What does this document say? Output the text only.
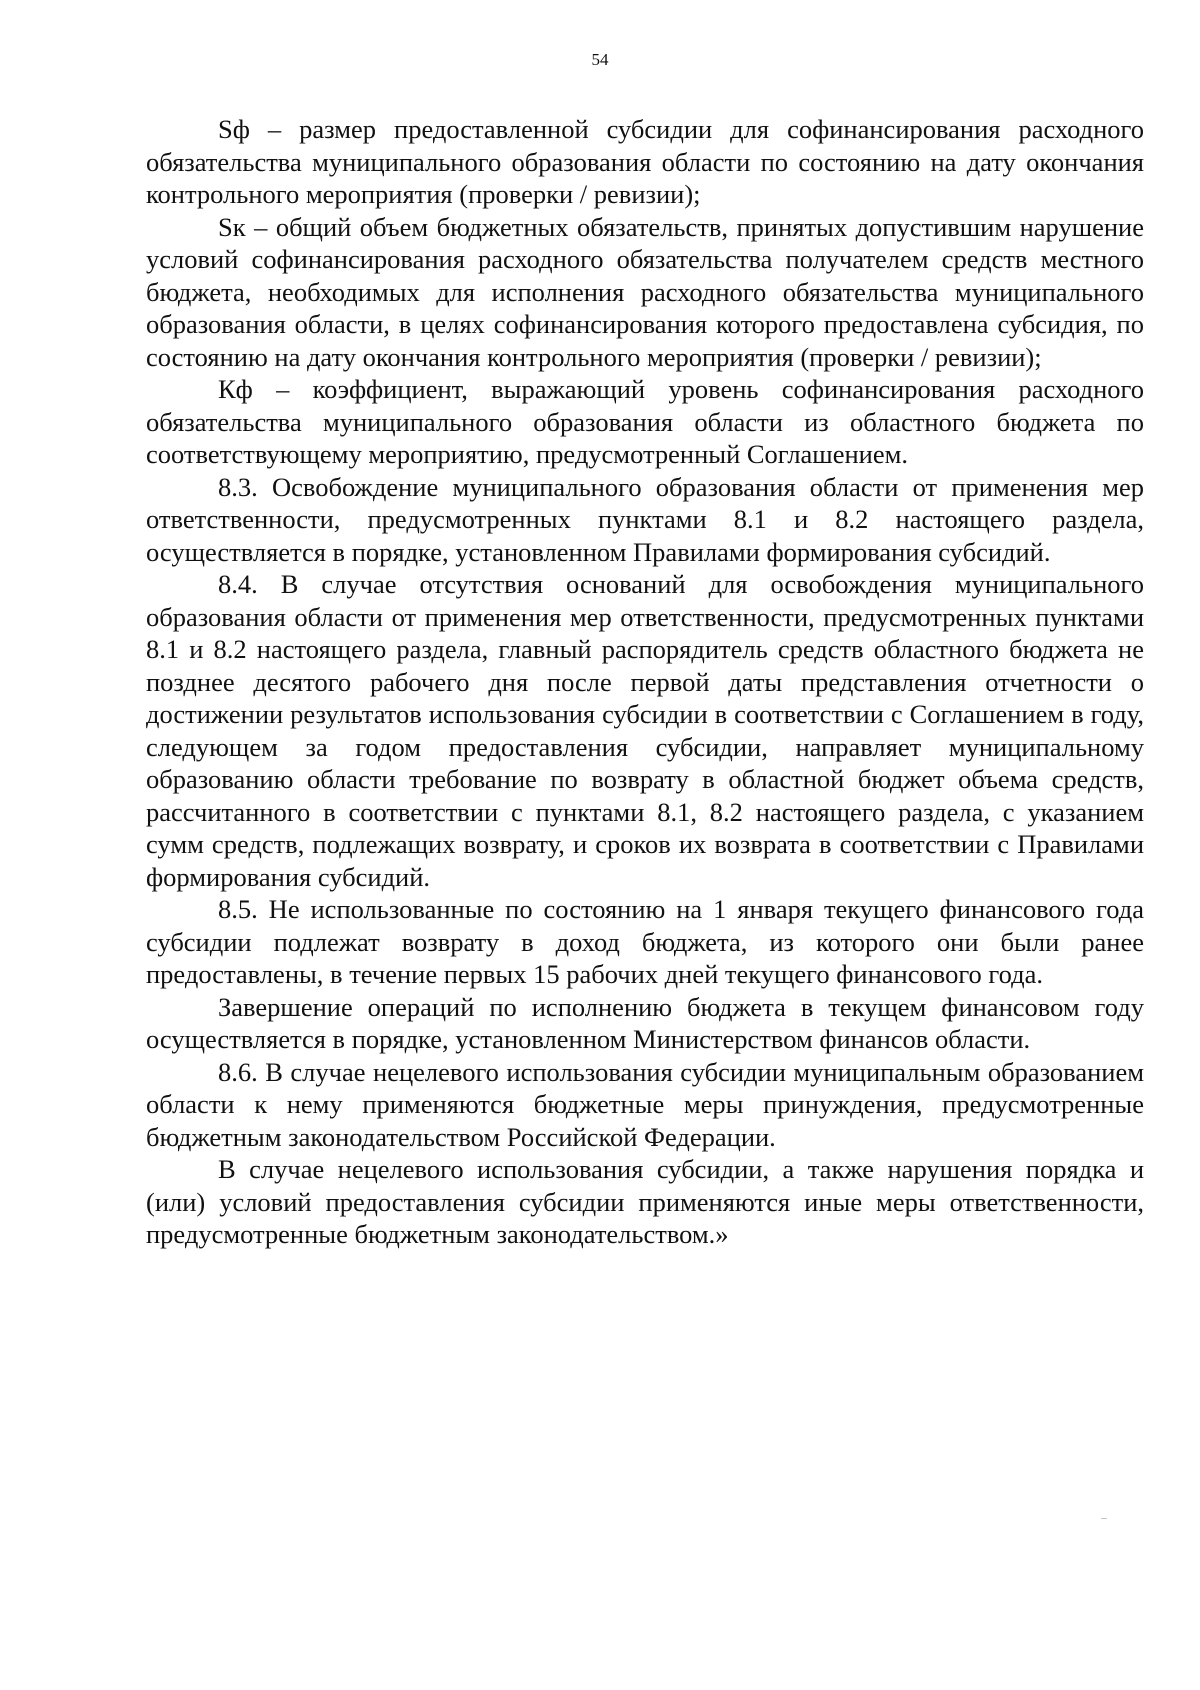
54

Sф – размер предоставленной субсидии для софинансирования расходного обязательства муниципального образования области по состоянию на дату окончания контрольного мероприятия (проверки / ревизии);

Sк – общий объем бюджетных обязательств, принятых допустившим нарушение условий софинансирования расходного обязательства получателем средств местного бюджета, необходимых для исполнения расходного обязательства муниципального образования области, в целях софинансирования которого предоставлена субсидия, по состоянию на дату окончания контрольного мероприятия (проверки / ревизии);

Кф – коэффициент, выражающий уровень софинансирования расходного обязательства муниципального образования области из областного бюджета по соответствующему мероприятию, предусмотренный Соглашением.

8.3. Освобождение муниципального образования области от применения мер ответственности, предусмотренных пунктами 8.1 и 8.2 настоящего раздела, осуществляется в порядке, установленном Правилами формирования субсидий.

8.4. В случае отсутствия оснований для освобождения муниципального образования области от применения мер ответственности, предусмотренных пунктами 8.1 и 8.2 настоящего раздела, главный распорядитель средств областного бюджета не позднее десятого рабочего дня после первой даты представления отчетности о достижении результатов использования субсидии в соответствии с Соглашением в году, следующем за годом предоставления субсидии, направляет муниципальному образованию области требование по возврату в областной бюджет объема средств, рассчитанного в соответствии с пунктами 8.1, 8.2 настоящего раздела, с указанием сумм средств, подлежащих возврату, и сроков их возврата в соответствии с Правилами формирования субсидий.

8.5. Не использованные по состоянию на 1 января текущего финансового года субсидии подлежат возврату в доход бюджета, из которого они были ранее предоставлены, в течение первых 15 рабочих дней текущего финансового года.

Завершение операций по исполнению бюджета в текущем финансовом году осуществляется в порядке, установленном Министерством финансов области.

8.6. В случае нецелевого использования субсидии муниципальным образованием области к нему применяются бюджетные меры принуждения, предусмотренные бюджетным законодательством Российской Федерации.

В случае нецелевого использования субсидии, а также нарушения порядка и (или) условий предоставления субсидии применяются иные меры ответственности, предусмотренные бюджетным законодательством.»
